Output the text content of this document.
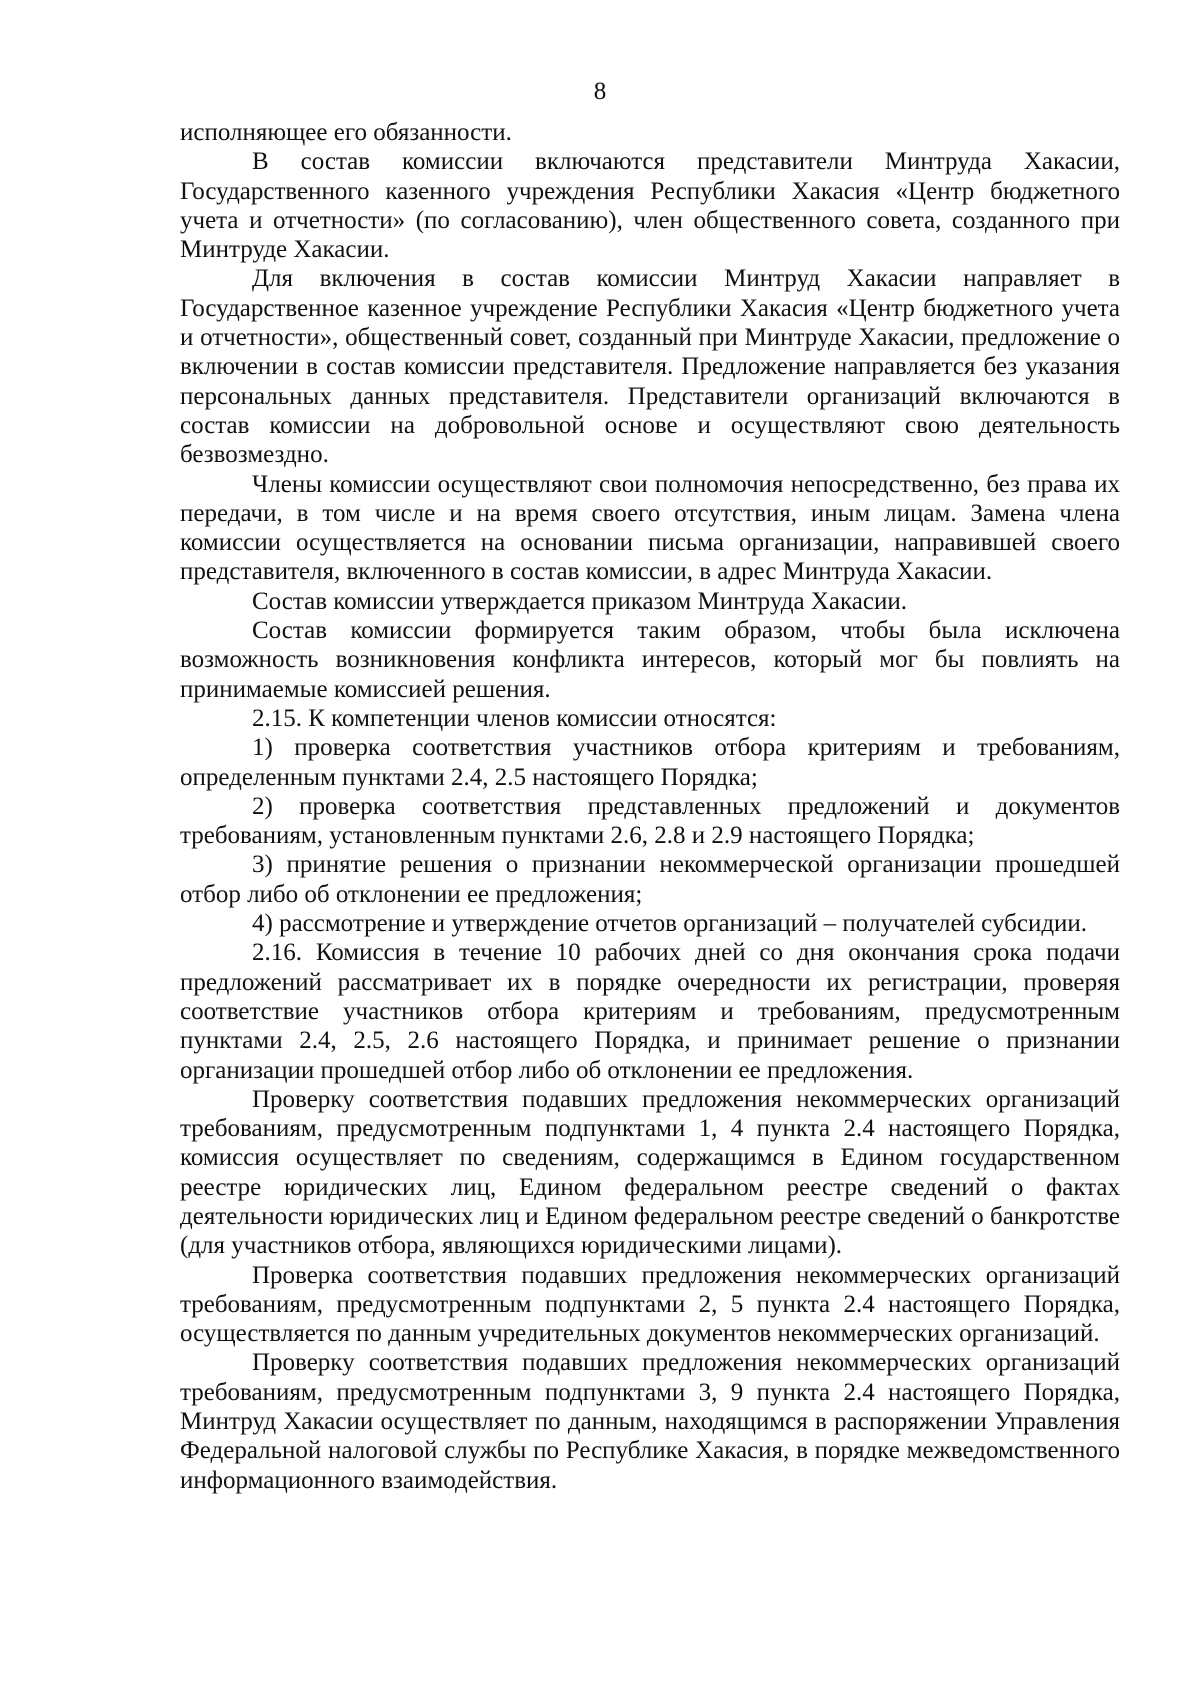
8

исполняющее его обязанности.

В состав комиссии включаются представители Минтруда Хакасии, Государственного казенного учреждения Республики Хакасия «Центр бюджетного учета и отчетности» (по согласованию), член общественного совета, созданного при Минтруде Хакасии.

Для включения в состав комиссии Минтруд Хакасии направляет в Государственное казенное учреждение Республики Хакасия «Центр бюджетного учета и отчетности», общественный совет, созданный при Минтруде Хакасии, предложение о включении в состав комиссии представителя. Предложение направляется без указания персональных данных представителя. Представители организаций включаются в состав комиссии на добровольной основе и осуществляют свою деятельность безвозмездно.

Члены комиссии осуществляют свои полномочия непосредственно, без права их передачи, в том числе и на время своего отсутствия, иным лицам. Замена члена комиссии осуществляется на основании письма организации, направившей своего представителя, включенного в состав комиссии, в адрес Минтруда Хакасии.

Состав комиссии утверждается приказом Минтруда Хакасии.

Состав комиссии формируется таким образом, чтобы была исключена возможность возникновения конфликта интересов, который мог бы повлиять на принимаемые комиссией решения.

2.15. К компетенции членов комиссии относятся:

1) проверка соответствия участников отбора критериям и требованиям, определенным пунктами 2.4, 2.5 настоящего Порядка;

2) проверка соответствия представленных предложений и документов требованиям, установленным пунктами 2.6, 2.8 и 2.9 настоящего Порядка;

3) принятие решения о признании некоммерческой организации прошедшей отбор либо об отклонении ее предложения;

4) рассмотрение и утверждение отчетов организаций – получателей субсидии.

2.16. Комиссия в течение 10 рабочих дней со дня окончания срока подачи предложений рассматривает их в порядке очередности их регистрации, проверяя соответствие участников отбора критериям и требованиям, предусмотренным пунктами 2.4, 2.5, 2.6 настоящего Порядка, и принимает решение о признании организации прошедшей отбор либо об отклонении ее предложения.

Проверку соответствия подавших предложения некоммерческих организаций требованиям, предусмотренным подпунктами 1, 4 пункта 2.4 настоящего Порядка, комиссия осуществляет по сведениям, содержащимся в Едином государственном реестре юридических лиц, Едином федеральном реестре сведений о фактах деятельности юридических лиц и Едином федеральном реестре сведений о банкротстве (для участников отбора, являющихся юридическими лицами).

Проверка соответствия подавших предложения некоммерческих организаций требованиям, предусмотренным подпунктами 2, 5 пункта 2.4 настоящего Порядка, осуществляется по данным учредительных документов некоммерческих организаций.

Проверку соответствия подавших предложения некоммерческих организаций требованиям, предусмотренным подпунктами 3, 9 пункта 2.4 настоящего Порядка, Минтруд Хакасии осуществляет по данным, находящимся в распоряжении Управления Федеральной налоговой службы по Республике Хакасия, в порядке межведомственного информационного взаимодействия.
